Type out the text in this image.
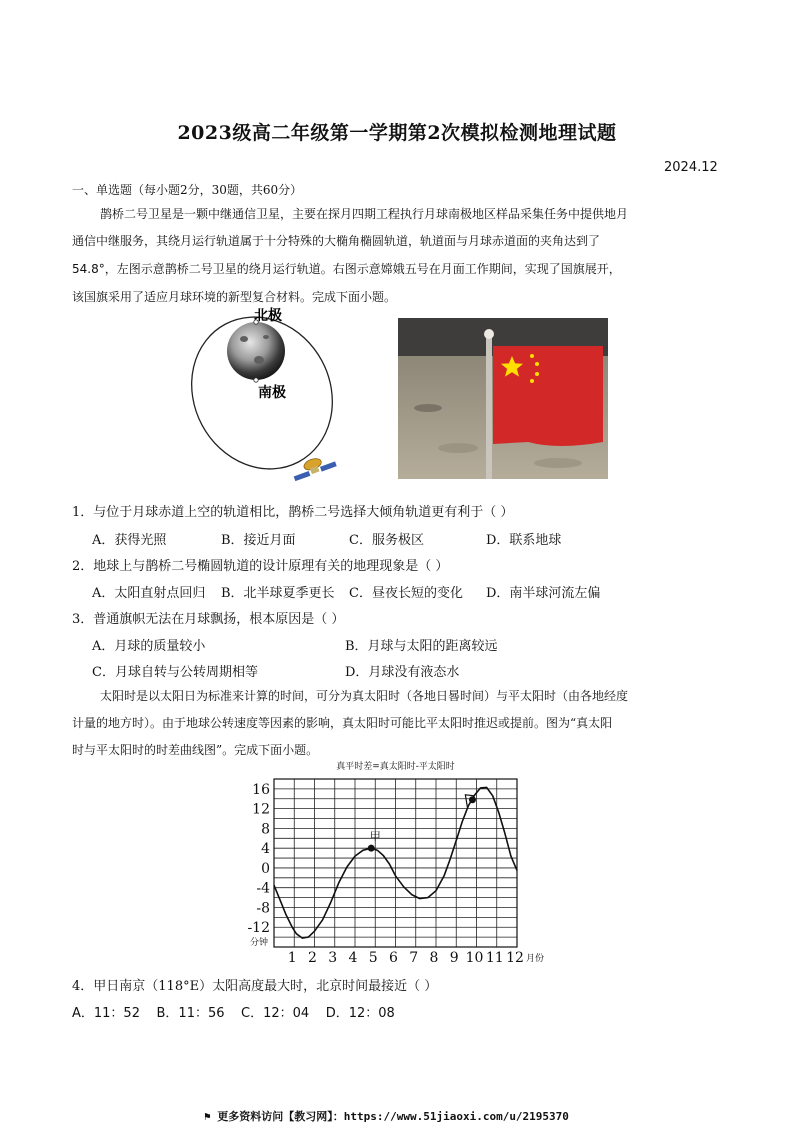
2023级高二年级第一学期第2次模拟检测地理试题
2024.12
一、单选题（每小题2分，30题，共60分）
鹊桥二号卫星是一颗中继通信卫星，主要在探月四期工程执行月球南极地区样品采集任务中提供地月
通信中继服务，其绕月运行轨道属于十分特殊的大椭角椭圆轨道，轨道面与月球赤道面的夹角达到了
54.8°，左图示意鹊桥二号卫星的绕月运行轨道。右图示意嫦娥五号在月面工作期间，实现了国旗展开，
该国旗采用了适应月球环境的新型复合材料。完成下面小题。
北极
南极
1．与位于月球赤道上空的轨道相比，鹊桥二号选择大倾角轨道更有利于（ ）
A．获得光照	B．接近月面	C．服务极区	D．联系地球
2．地球上与鹊桥二号椭圆轨道的设计原理有关的地理现象是（ ）
A．太阳直射点回归 B．北半球夏季更长 C．昼夜长短的变化 D．南半球河流左偏
3．普通旗帜无法在月球飘扬，根本原因是（ ）
A．月球的质量较小	B．月球与太阳的距离较远
C．月球自转与公转周期相等	D．月球没有液态水
太阳时是以太阳日为标准来计算的时间，可分为真太阳时（各地日晷时间）与平太阳时（由各地经度
计量的地方时）。由于地球公转速度等因素的影响，真太阳时可能比平太阳时推迟或提前。图为“真太阳
时与平太阳时的时差曲线图”。完成下面小题。
真平时差=真太阳时-平太阳时
16
12
8
4
0
-4
-8
-12
1 2 3 4 5 6 7 8 9 10 11 12
分钟
月份
甲
4．甲日南京（118°E）太阳高度最大时，北京时间最接近（ ）
A．11：52    B．11：56    C．12：04    D．12：08
⚑ 更多资料访问【教习网】：https://www.51jiaoxi.com/u/2195370
